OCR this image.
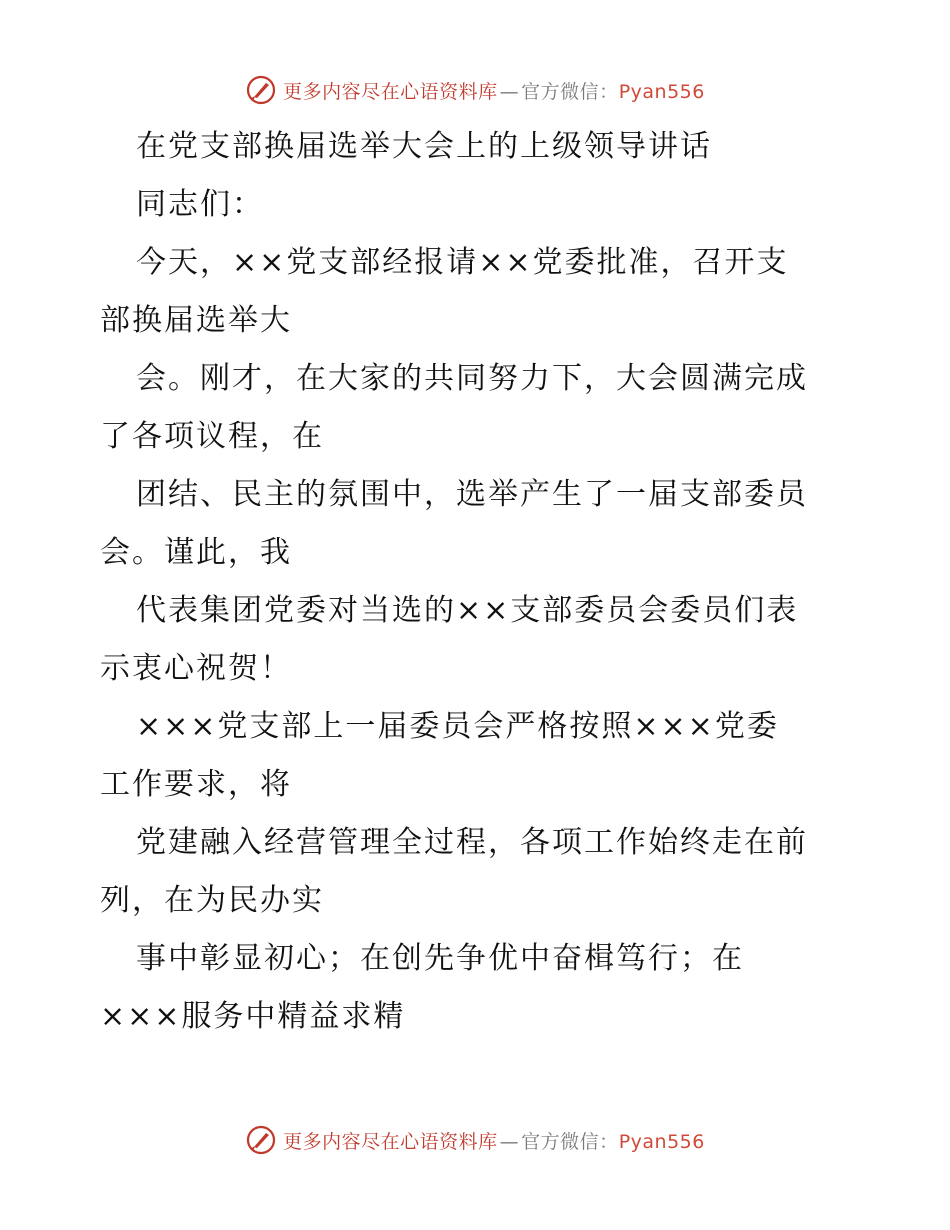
更多内容尽在心语资料库 — 官方微信：Pyan556
在党支部换届选举大会上的上级领导讲话
同志们：
今天，××党支部经报请××党委批准，召开支
部换届选举大
会。刚才，在大家的共同努力下，大会圆满完成
了各项议程，在
团结、民主的氛围中，选举产生了一届支部委员
会。谨此，我
代表集团党委对当选的××支部委员会委员们表
示衷心祝贺！
×××党支部上一届委员会严格按照×××党委
工作要求，将
党建融入经营管理全过程，各项工作始终走在前
列，在为民办实
事中彰显初心；在创先争优中奋楫笃行；在
×××服务中精益求精
更多内容尽在心语资料库 — 官方微信：Pyan556
